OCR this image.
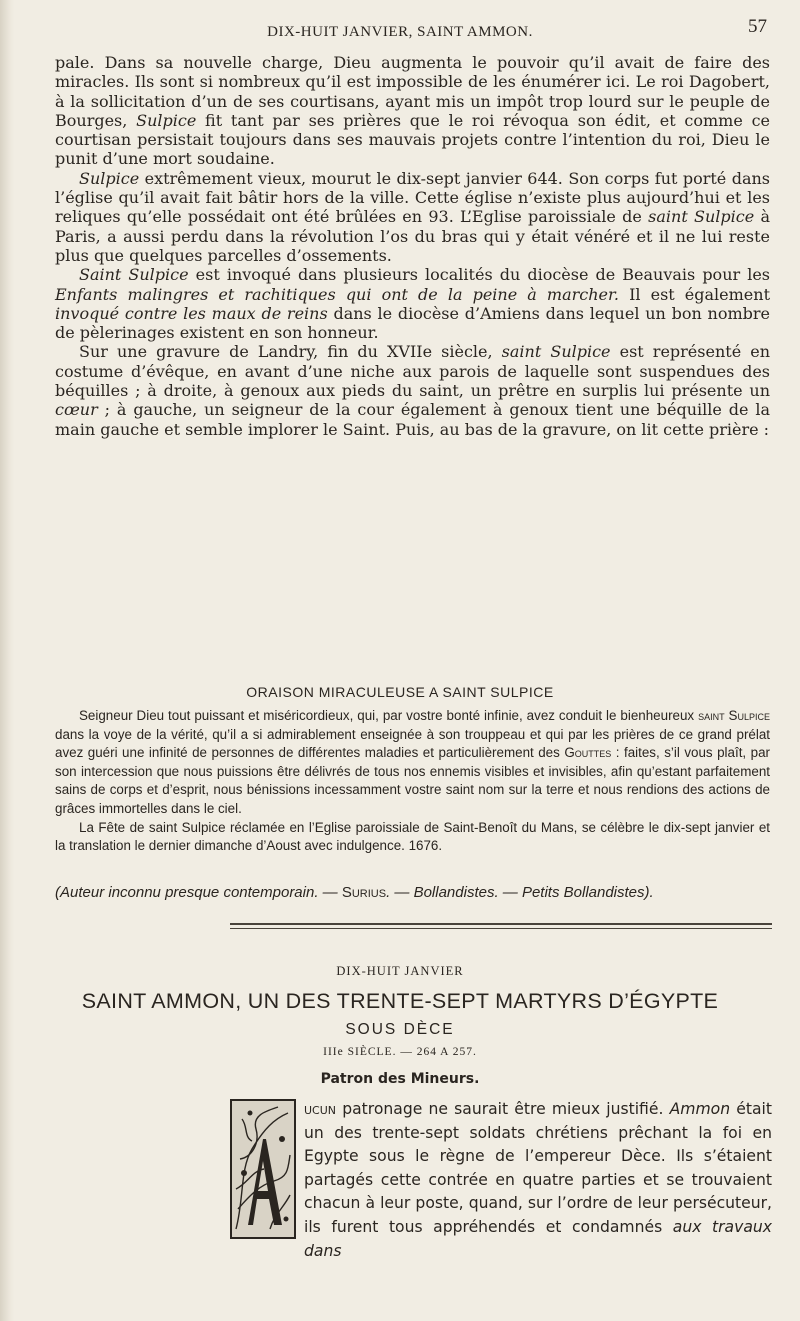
DIX-HUIT JANVIER, SAINT AMMON.	57

pale. Dans sa nouvelle charge, Dieu augmenta le pouvoir qu’il avait de faire des miracles. Ils sont si nombreux qu’il est impossible de les énumérer ici. Le roi Dagobert, à la sollicitation d’un de ses courtisans, ayant mis un impôt trop lourd sur le peuple de Bourges, Sulpice fit tant par ses prières que le roi révoqua son édit, et comme ce courtisan persistait toujours dans ses mauvais projets contre l’intention du roi, Dieu le punit d’une mort soudaine.

Sulpice extrêmement vieux, mourut le dix-sept janvier 644. Son corps fut porté dans l’église qu’il avait fait bâtir hors de la ville. Cette église n’existe plus aujourd’hui et les reliques qu’elle possédait ont été brûlées en 93. L’Eglise paroissiale de saint Sulpice à Paris, a aussi perdu dans la révolution l’os du bras qui y était vénéré et il ne lui reste plus que quelques parcelles d’ossements.

Saint Sulpice est invoqué dans plusieurs localités du diocèse de Beauvais pour les Enfants malingres et rachitiques qui ont de la peine à marcher. Il est également invoqué contre les maux de reins dans le diocèse d’Amiens dans lequel un bon nombre de pèlerinages existent en son honneur.

Sur une gravure de Landry, fin du XVIIe siècle, saint Sulpice est représenté en costume d’évêque, en avant d’une niche aux parois de laquelle sont suspendues des béquilles ; à droite, à genoux aux pieds du saint, un prêtre en surplis lui présente un cœur ; à gauche, un seigneur de la cour également à genoux tient une béquille de la main gauche et semble implorer le Saint. Puis, au bas de la gravure, on lit cette prière :

ORAISON MIRACULEUSE A SAINT SULPICE

Seigneur Dieu tout puissant et miséricordieux, qui, par vostre bonté infinie, avez conduit le bienheureux saint Sulpice dans la voye de la vérité, qu’il a si admirablement enseignée à son trouppeau et qui par les prières de ce grand prélat avez guéri une infinité de personnes de différentes maladies et particulièrement des Gouttes : faites, s’il vous plaît, par son intercession que nous puissions être délivrés de tous nos ennemis visibles et invisibles, afin qu’estant parfaitement sains de corps et d’esprit, nous bénissions incessamment vostre saint nom sur la terre et nous rendions des actions de grâces immortelles dans le ciel.

La Fête de saint Sulpice réclamée en l’Eglise paroissiale de Saint-Benoît du Mans, se célèbre le dix-sept janvier et la translation le dernier dimanche d’Aoust avec indulgence. 1676.

(Auteur inconnu presque contemporain. — Surius. — Bollandistes. — Petits Bollandistes).
DIX-HUIT JANVIER
SAINT AMMON, UN DES TRENTE-SEPT MARTYRS D’ÉGYPTE
SOUS DÈCE
IIIe SIÈCLE. — 264 A 257.
Patron des Mineurs.

ucun patronage ne saurait être mieux justifié. Ammon était un des trente-sept soldats chrétiens prêchant la foi en Egypte sous le règne de l’empereur Dèce. Ils s’étaient partagés cette contrée en quatre parties et se trouvaient chacun à leur poste, quand, sur l’ordre de leur persécuteur, ils furent tous appréhendés et condamnés aux travaux dans
